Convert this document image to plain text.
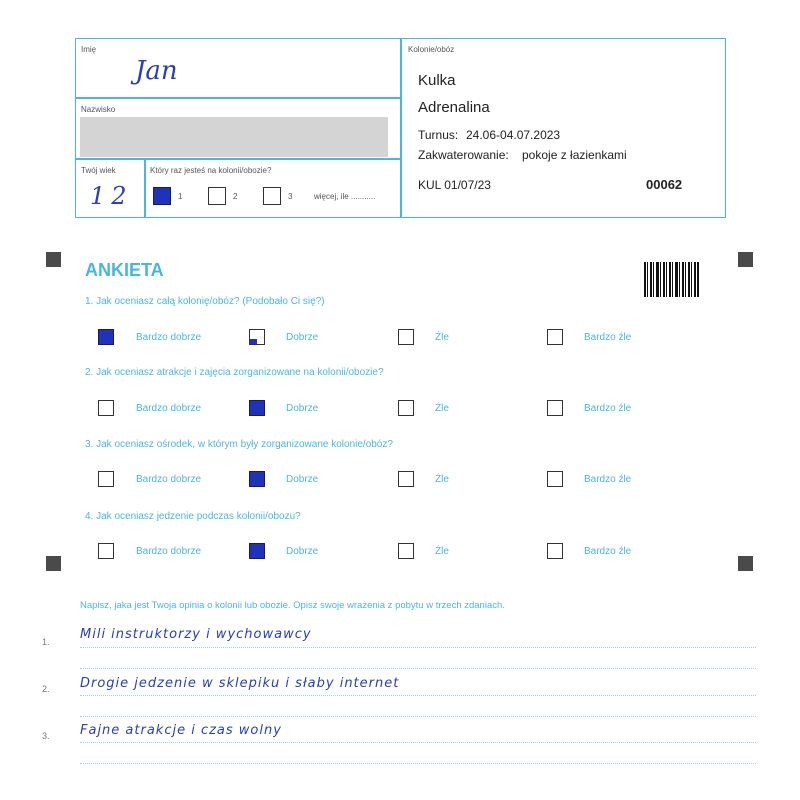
Imię
Jan
Nazwisko
Twój wiek
12
Który raz jesteś na kolonii/obozie?
1	2	3	więcej, ile ...........
Kolonie/obóz
Kulka
Adrenalina
Turnus: 24.06-04.07.2023
Zakwaterowanie: pokoje z łazienkami
KUL 01/07/23	00062
ANKIETA
1. Jak oceniasz całą kolonię/obóz? (Podobało Ci się?)
Bardzo dobrze	Dobrze	Źle	Bardzo źle
2. Jak oceniasz atrakcje i zajęcia zorganizowane na kolonii/obozie?
Bardzo dobrze	Dobrze	Źle	Bardzo źle
3. Jak oceniasz ośrodek, w którym były zorganizowane kolonie/obóz?
Bardzo dobrze	Dobrze	Źle	Bardzo źle
4. Jak oceniasz jedzenie podczas kolonii/obozu?
Bardzo dobrze	Dobrze	Źle	Bardzo źle
Napisz, jaka jest Twoja opinia o kolonii lub obozie. Opisz swoje wrażenia z pobytu w trzech zdaniach.
1. Mili instruktorzy i wychowawcy
2. Drogie jedzenie w sklepiku i słaby internet
3. Fajne atrakcje i czas wolny
